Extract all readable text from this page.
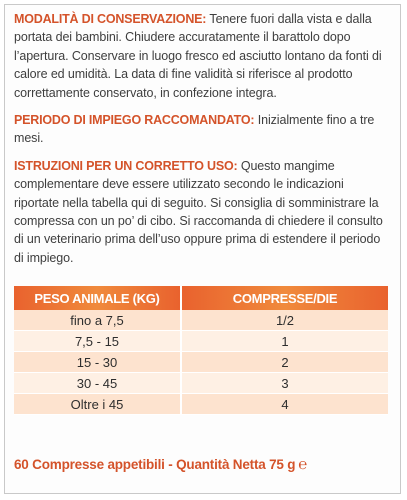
MODALITÀ DI CONSERVAZIONE: Tenere fuori dalla vista e dalla portata dei bambini. Chiudere accuratamente il barattolo dopo l’apertura. Conservare in luogo fresco ed asciutto lontano da fonti di calore ed umidità. La data di fine validità si riferisce al prodotto correttamente conservato, in confezione integra.

PERIODO DI IMPIEGO RACCOMANDATO: Inizialmente fino a tre mesi.

ISTRUZIONI PER UN CORRETTO USO: Questo mangime complementare deve essere utilizzato secondo le indicazioni riportate nella tabella qui di seguito. Si consiglia di somministrare la compressa con un po’ di cibo. Si raccomanda di chiedere il consulto di un veterinario prima dell’uso oppure prima di estendere il periodo di impiego.

PESO ANIMALE (KG)	COMPRESSE/DIE
fino a 7,5	1/2
7,5 - 15	1
15 - 30	2
30 - 45	3
Oltre i 45	4
60 Compresse appetibili - Quantità Netta 75 g ℮
